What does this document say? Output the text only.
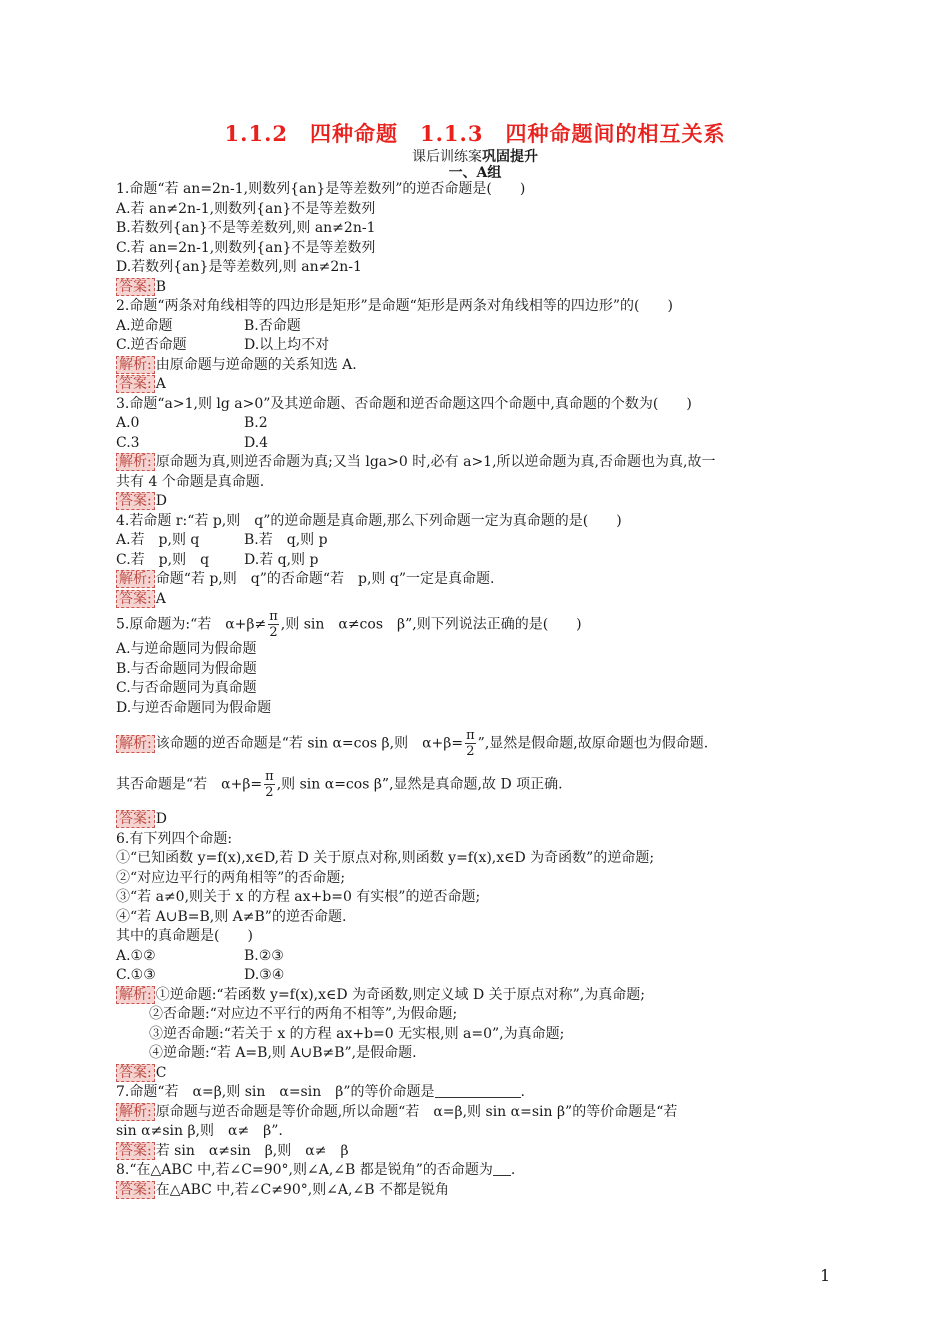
1.1.2　四种命题　1.1.3　四种命题间的相互关系
课后训练案巩固提升
一、A组
1.命题“若 an=2n-1,则数列{an}是等差数列”的逆否命题是(　　)
A.若 an≠2n-1,则数列{an}不是等差数列
B.若数列{an}不是等差数列,则 an≠2n-1
C.若 an=2n-1,则数列{an}不是等差数列
D.若数列{an}是等差数列,则 an≠2n-1
答案: B
2.命题“两条对角线相等的四边形是矩形”是命题“矩形是两条对角线相等的四边形”的(　　)
A.逆命题	B.否命题
C.逆否命题	D.以上均不对
解析: 由原命题与逆命题的关系知选 A.
答案: A
3.命题“a>1,则 lg a>0”及其逆命题、否命题和逆否命题这四个命题中,真命题的个数为(　　)
A.0	B.2
C.3	D.4
解析: 原命题为真,则逆否命题为真;又当 lga>0 时,必有 a>1,所以逆命题为真,否命题也为真,故一
共有 4 个命题是真命题.
答案: D
4.若命题 r:“若 p,则　q”的逆命题是真命题,那么下列命题一定为真命题的是(　　)
A.若　p,则 q	B.若　q,则 p
C.若　p,则　q	D.若 q,则 p
解析: 命题“若 p,则　q”的否命题“若　p,则 q”一定是真命题.
答案: A
5.原命题为:“若　$\alpha+\beta\ne \frac{\pi}{2}$ ,则 sin　α≠cos　β”,则下列说法正确的是(　　)
A.与逆命题同为假命题
B.与否命题同为假命题
C.与否命题同为真命题
D.与逆否命题同为假命题
解析: 该命题的逆否命题是“若 sin α=cos β,则　$\alpha+\beta= \frac{\pi}{2}$ ”,显然是假命题,故原命题也为假命题.
其否命题是“若　$\alpha+\beta= \frac{\pi}{2}$ ,则 sin α=cos β”,显然是真命题,故 D 项正确.
答案: D
6.有下列四个命题:
①“已知函数 y=f(x),x∈D,若 D 关于原点对称,则函数 y=f(x),x∈D 为奇函数”的逆命题;
②“对应边平行的两角相等”的否命题;
③“若 a≠0,则关于 x 的方程 ax+b=0 有实根”的逆否命题;
④“若 A∪B=B,则 A≠B”的逆否命题.
其中的真命题是(　　)
A.①②	B.②③
C.①③	D.③④
解析: ①逆命题:“若函数 y=f(x),x∈D 为奇函数,则定义域 D 关于原点对称”,为真命题;
②否命题:“对应边不平行的两角不相等”,为假命题;
③逆否命题:“若关于 x 的方程 ax+b=0 无实根,则 a=0”,为真命题;
④逆命题:“若 A=B,则 A∪B≠B”,是假命题.
答案: C
7.命题“若　α=β,则 sin　α=sin　β”的等价命题是	.
解析: 原命题与逆否命题是等价命题,所以命题“若　α=β,则 sin α=sin β”的等价命题是“若
sin α≠sin β,则　α≠　β”.
答案: 若 sin　α≠sin　β,则　α≠　β
8.“在△ABC 中,若∠C=90°,则∠A,∠B 都是锐角”的否命题为 .
答案: 在△ABC 中,若∠C≠90°,则∠A,∠B 不都是锐角
1
